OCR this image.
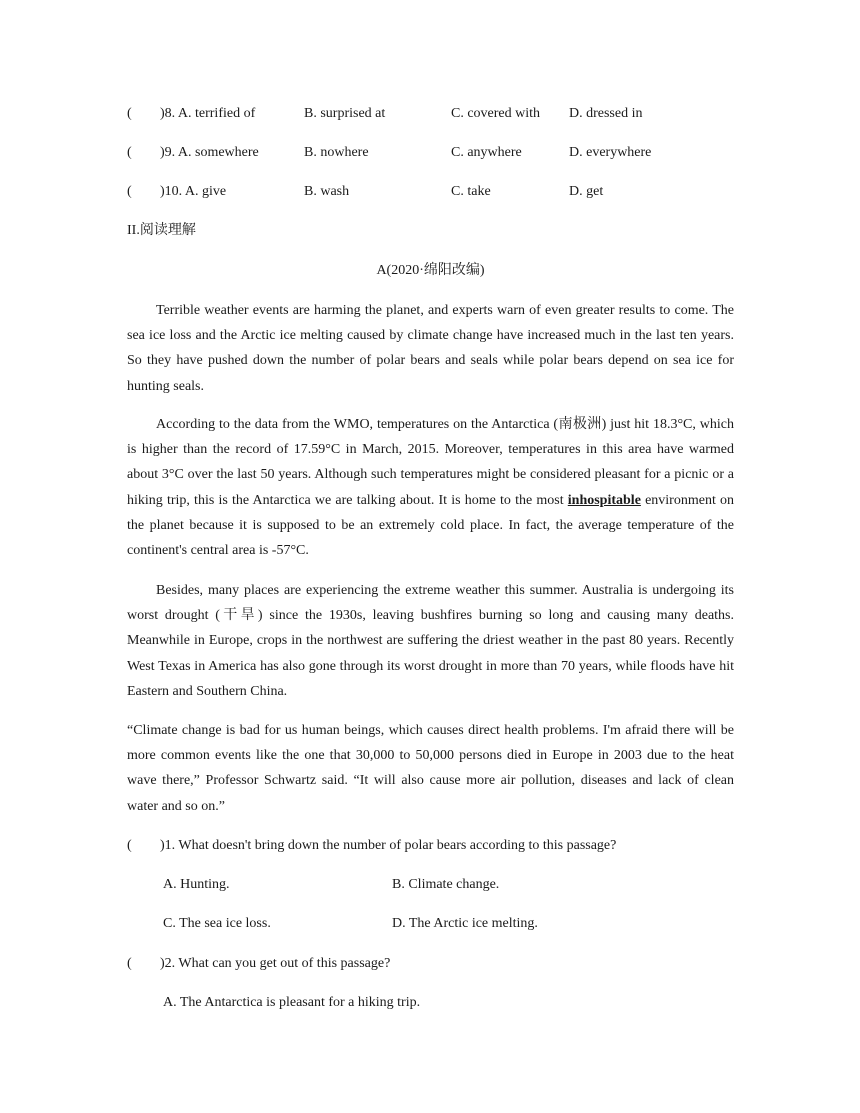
( )8. A. terrified of	B. surprised at	C. covered with D. dressed in
( )9. A. somewhere	B. nowhere	C. anywhere	D. everywhere
( )10. A. give	B. wash	C. take	D. get
II.阅读理解
A(2020·绵阳改编)

Terrible weather events are harming the planet, and experts warn of even greater results to come. The sea ice loss and the Arctic ice melting caused by climate change have increased much in the last ten years. So they have pushed down the number of polar bears and seals while polar bears depend on sea ice for hunting seals.

According to the data from the WMO, temperatures on the Antarctica (南极洲) just hit 18.3°C, which is higher than the record of 17.59°C in March, 2015. Moreover, temperatures in this area have warmed about 3°C over the last 50 years. Although such temperatures might be considered pleasant for a picnic or a hiking trip, this is the Antarctica we are talking about. It is home to the most inhospitable environment on the planet because it is supposed to be an extremely cold place. In fact, the average temperature of the continent's central area is -57°C.

Besides, many places are experiencing the extreme weather this summer. Australia is undergoing its worst drought (干旱) since the 1930s, leaving bushfires burning so long and causing many deaths. Meanwhile in Europe, crops in the northwest are suffering the driest weather in the past 80 years. Recently West Texas in America has also gone through its worst drought in more than 70 years, while floods have hit Eastern and Southern China.

“Climate change is bad for us human beings, which causes direct health problems. I'm afraid there will be more common events like the one that 30,000 to 50,000 persons died in Europe in 2003 due to the heat wave there,” Professor Schwartz said. “It will also cause more air pollution, diseases and lack of clean water and so on.”

( )1. What doesn't bring down the number of polar bears according to this passage?
A. Hunting.	B. Climate change.
C. The sea ice loss.	D. The Arctic ice melting.
( )2. What can you get out of this passage?
A. The Antarctica is pleasant for a hiking trip.
